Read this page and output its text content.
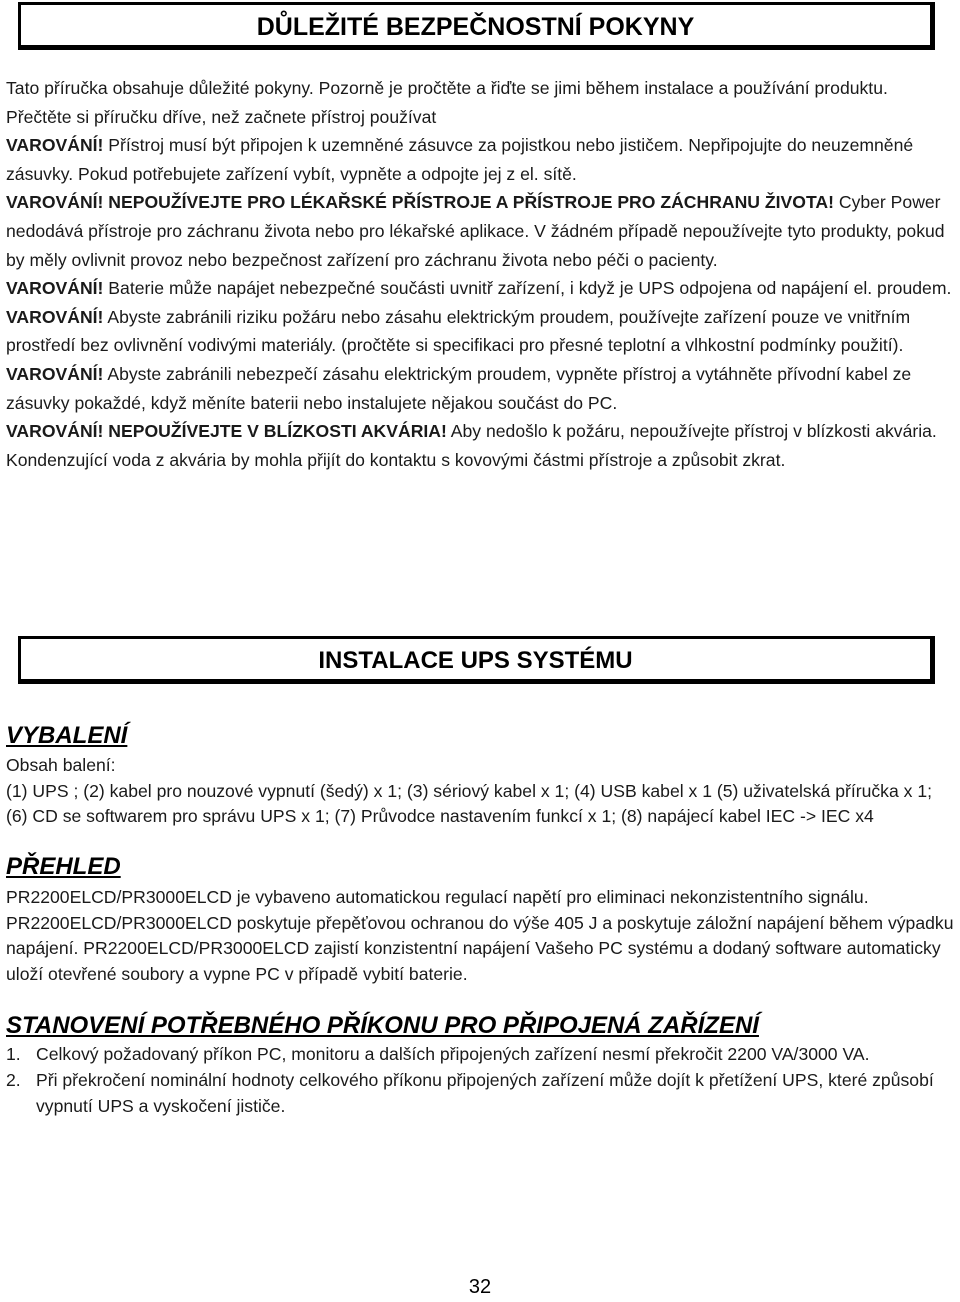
DŮLEŽITÉ BEZPEČNOSTNÍ POKYNY

Tato příručka obsahuje důležité pokyny. Pozorně je pročtěte a řiďte se jimi během instalace a používání produktu. Přečtěte si příručku dříve, než začnete přístroj používat
VAROVÁNÍ! Přístroj musí být připojen k uzemněné zásuvce za pojistkou nebo jističem. Nepřipojujte do neuzemněné zásuvky. Pokud potřebujete zařízení vybít, vypněte a odpojte jej z el. sítě.
VAROVÁNÍ! NEPOUŽÍVEJTE PRO LÉKAŘSKÉ PŘÍSTROJE A PŘÍSTROJE PRO ZÁCHRANU ŽIVOTA! Cyber Power nedodává přístroje pro záchranu života nebo pro lékařské aplikace. V žádném případě nepoužívejte tyto produkty, pokud by měly ovlivnit provoz nebo bezpečnost zařízení pro záchranu života nebo péči o pacienty.
VAROVÁNÍ! Baterie může napájet nebezpečné součásti uvnitř zařízení, i když je UPS odpojena od napájení el. proudem.
VAROVÁNÍ! Abyste zabránili riziku požáru nebo zásahu elektrickým proudem, používejte zařízení pouze ve vnitřním prostředí bez ovlivnění vodivými materiály. (pročtěte si specifikaci pro přesné teplotní a vlhkostní podmínky použití).
VAROVÁNÍ! Abyste zabránili nebezpečí zásahu elektrickým proudem, vypněte přístroj a vytáhněte přívodní kabel ze zásuvky pokaždé, když měníte baterii nebo instalujete nějakou součást do PC.
VAROVÁNÍ! NEPOUŽÍVEJTE V BLÍZKOSTI AKVÁRIA! Aby nedošlo k požáru, nepoužívejte přístroj v blízkosti akvária. Kondenzující voda z akvária by mohla přijít do kontaktu s kovovými částmi přístroje a způsobit zkrat.

INSTALACE UPS SYSTÉMU
VYBALENÍ

Obsah balení:
(1) UPS ; (2) kabel pro nouzové vypnutí (šedý) x 1; (3) sériový kabel x 1; (4) USB kabel x 1 (5) uživatelská příručka x 1; (6) CD se softwarem pro správu UPS x 1; (7) Průvodce nastavením funkcí x 1; (8) napájecí kabel IEC -> IEC x4

PŘEHLED

PR2200ELCD/PR3000ELCD je vybaveno automatickou regulací napětí pro eliminaci nekonzistentního signálu. PR2200ELCD/PR3000ELCD poskytuje přepěťovou ochranou do výše 405 J a poskytuje záložní napájení během výpadku napájení. PR2200ELCD/PR3000ELCD zajistí konzistentní napájení Vašeho PC systému a dodaný software automaticky uloží otevřené soubory a vypne PC v případě vybití baterie.

STANOVENÍ POTŘEBNÉHO PŘÍKONU PRO PŘIPOJENÁ ZAŘÍZENÍ
1. Celkový požadovaný příkon PC, monitoru a dalších připojených zařízení nesmí překročit 2200 VA/3000 VA.
2. Při překročení nominální hodnoty celkového příkonu připojených zařízení může dojít k přetížení UPS, které způsobí vypnutí UPS a vyskočení jističe.
32
